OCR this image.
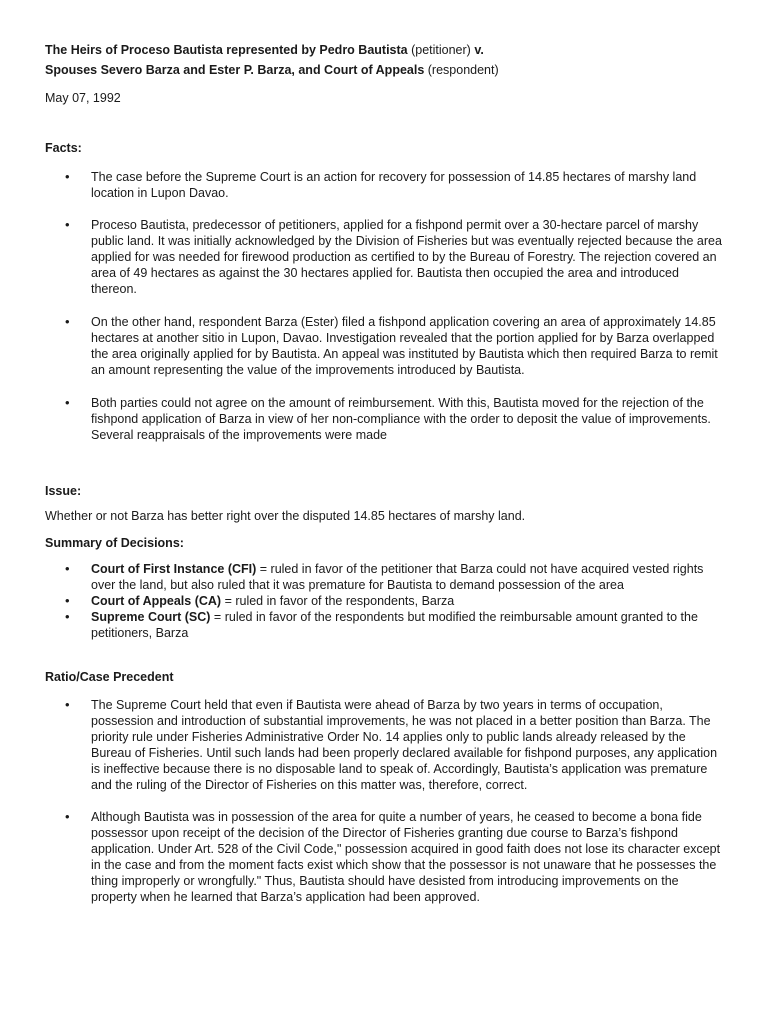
The Heirs of Proceso Bautista represented by Pedro Bautista (petitioner) v.
Spouses Severo Barza and Ester P. Barza, and Court of Appeals (respondent)
May 07, 1992
Facts:
• The case before the Supreme Court is an action for recovery for possession of 14.85 hectares of marshy land location in Lupon Davao.
• Proceso Bautista, predecessor of petitioners, applied for a fishpond permit over a 30-hectare parcel of marshy public land. It was initially acknowledged by the Division of Fisheries but was eventually rejected because the area applied for was needed for firewood production as certified to by the Bureau of Forestry. The rejection covered an area of 49 hectares as against the 30 hectares applied for. Bautista then occupied the area and introduced thereon.
• On the other hand, respondent Barza (Ester) filed a fishpond application covering an area of approximately 14.85 hectares at another sitio in Lupon, Davao. Investigation revealed that the portion applied for by Barza overlapped the area originally applied for by Bautista. An appeal was instituted by Bautista which then required Barza to remit an amount representing the value of the improvements introduced by Bautista.
• Both parties could not agree on the amount of reimbursement. With this, Bautista moved for the rejection of the fishpond application of Barza in view of her non-compliance with the order to deposit the value of improvements. Several reappraisals of the improvements were made
Issue:
Whether or not Barza has better right over the disputed 14.85 hectares of marshy land.
Summary of Decisions:
• Court of First Instance (CFI) = ruled in favor of the petitioner that Barza could not have acquired vested rights over the land, but also ruled that it was premature for Bautista to demand possession of the area
• Court of Appeals (CA) = ruled in favor of the respondents, Barza
• Supreme Court (SC) = ruled in favor of the respondents but modified the reimbursable amount granted to the petitioners, Barza
Ratio/Case Precedent
• The Supreme Court held that even if Bautista were ahead of Barza by two years in terms of occupation, possession and introduction of substantial improvements, he was not placed in a better position than Barza. The priority rule under Fisheries Administrative Order No. 14 applies only to public lands already released by the Bureau of Fisheries. Until such lands had been properly declared available for fishpond purposes, any application is ineffective because there is no disposable land to speak of. Accordingly, Bautista’s application was premature and the ruling of the Director of Fisheries on this matter was, therefore, correct.
• Although Bautista was in possession of the area for quite a number of years, he ceased to become a bona fide possessor upon receipt of the decision of the Director of Fisheries granting due course to Barza’s fishpond application. Under Art. 528 of the Civil Code," possession acquired in good faith does not lose its character except in the case and from the moment facts exist which show that the possessor is not unaware that he possesses the thing improperly or wrongfully." Thus, Bautista should have desisted from introducing improvements on the property when he learned that Barza’s application had been approved.
